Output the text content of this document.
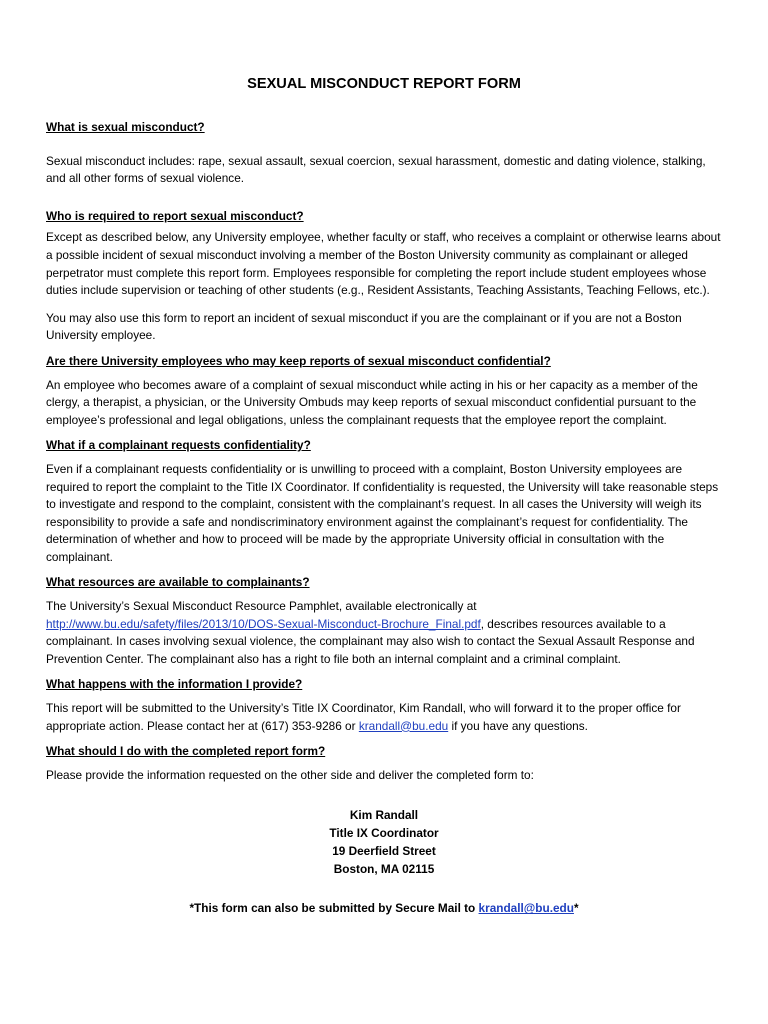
SEXUAL MISCONDUCT REPORT FORM
What is sexual misconduct?

Sexual misconduct includes: rape, sexual assault, sexual coercion, sexual harassment, domestic and dating violence, stalking, and all other forms of sexual violence.

Who is required to report sexual misconduct?

Except as described below, any University employee, whether faculty or staff, who receives a complaint or otherwise learns about a possible incident of sexual misconduct involving a member of the Boston University community as complainant or alleged perpetrator must complete this report form. Employees responsible for completing the report include student employees whose duties include supervision or teaching of other students (e.g., Resident Assistants, Teaching Assistants, Teaching Fellows, etc.).

You may also use this form to report an incident of sexual misconduct if you are the complainant or if you are not a Boston University employee.

Are there University employees who may keep reports of sexual misconduct confidential?

An employee who becomes aware of a complaint of sexual misconduct while acting in his or her capacity as a member of the clergy, a therapist, a physician, or the University Ombuds may keep reports of sexual misconduct confidential pursuant to the employee’s professional and legal obligations, unless the complainant requests that the employee report the complaint.

What if a complainant requests confidentiality?

Even if a complainant requests confidentiality or is unwilling to proceed with a complaint, Boston University employees are required to report the complaint to the Title IX Coordinator. If confidentiality is requested, the University will take reasonable steps to investigate and respond to the complaint, consistent with the complainant’s request. In all cases the University will weigh its responsibility to provide a safe and nondiscriminatory environment against the complainant’s request for confidentiality. The determination of whether and how to proceed will be made by the appropriate University official in consultation with the complainant.

What resources are available to complainants?

The University’s Sexual Misconduct Resource Pamphlet, available electronically at
http://www.bu.edu/safety/files/2013/10/DOS-Sexual-Misconduct-Brochure_Final.pdf, describes resources available to a complainant. In cases involving sexual violence, the complainant may also wish to contact the Sexual Assault Response and Prevention Center. The complainant also has a right to file both an internal complaint and a criminal complaint.

What happens with the information I provide?

This report will be submitted to the University’s Title IX Coordinator, Kim Randall, who will forward it to the proper office for appropriate action. Please contact her at (617) 353-9286 or krandall@bu.edu if you have any questions.

What should I do with the completed report form?

Please provide the information requested on the other side and deliver the completed form to:

Kim Randall
Title IX Coordinator
19 Deerfield Street
Boston, MA 02115
*This form can also be submitted by Secure Mail to krandall@bu.edu*
